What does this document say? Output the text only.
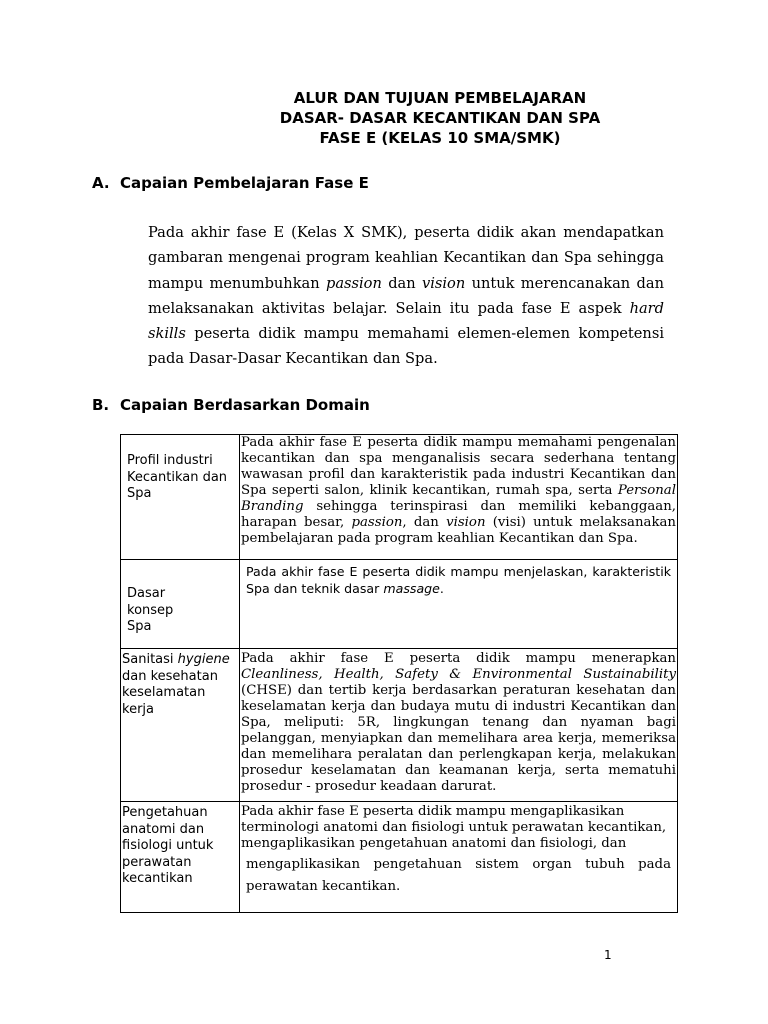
ALUR DAN TUJUAN PEMBELAJARAN
DASAR- DASAR KECANTIKAN DAN SPA
FASE E (KELAS 10 SMA/SMK)
A. Capaian Pembelajaran Fase E
Pada akhir fase E (Kelas X SMK), peserta didik akan mendapatkan gambaran mengenai program keahlian Kecantikan dan Spa sehingga mampu menumbuhkan passion dan vision untuk merencanakan dan melaksanakan aktivitas belajar. Selain itu pada fase E aspek hard skills peserta didik mampu memahami elemen-elemen kompetensi pada Dasar-Dasar Kecantikan dan Spa.
B. Capaian Berdasarkan Domain
Profil industri Kecantikan dan Spa	Pada akhir fase E peserta didik mampu memahami pengenalan kecantikan dan spa menganalisis secara sederhana tentang wawasan profil dan karakteristik pada industri Kecantikan dan Spa seperti salon, klinik kecantikan, rumah spa, serta Personal Branding sehingga terinspirasi dan memiliki kebanggaan, harapan besar, passion, dan vision (visi) untuk melaksanakan pembelajaran pada program keahlian Kecantikan dan Spa.

Dasar
konsep
Spa	Pada akhir fase E peserta didik mampu menjelaskan, karakteristik Spa dan teknik dasar massage.

Sanitasi hygiene dan kesehatan keselamatan kerja	Pada akhir fase E peserta didik mampu menerapkan Cleanliness, Health, Safety & Environmental Sustainability (CHSE) dan tertib kerja berdasarkan peraturan kesehatan dan keselamatan kerja dan budaya mutu di industri Kecantikan dan Spa, meliputi: 5R, lingkungan tenang dan nyaman bagi pelanggan, menyiapkan dan memelihara area kerja, memeriksa dan memelihara peralatan dan perlengkapan kerja, melakukan prosedur keselamatan dan keamanan kerja, serta mematuhi prosedur - prosedur keadaan darurat.

Pengetahuan anatomi dan fisiologi untuk perawatan kecantikan	Pada akhir fase E peserta didik mampu mengaplikasikan terminologi anatomi dan fisiologi untuk perawatan kecantikan, mengaplikasikan pengetahuan anatomi dan fisiologi, dan
mengaplikasikan pengetahuan sistem organ tubuh pada perawatan kecantikan.
1
